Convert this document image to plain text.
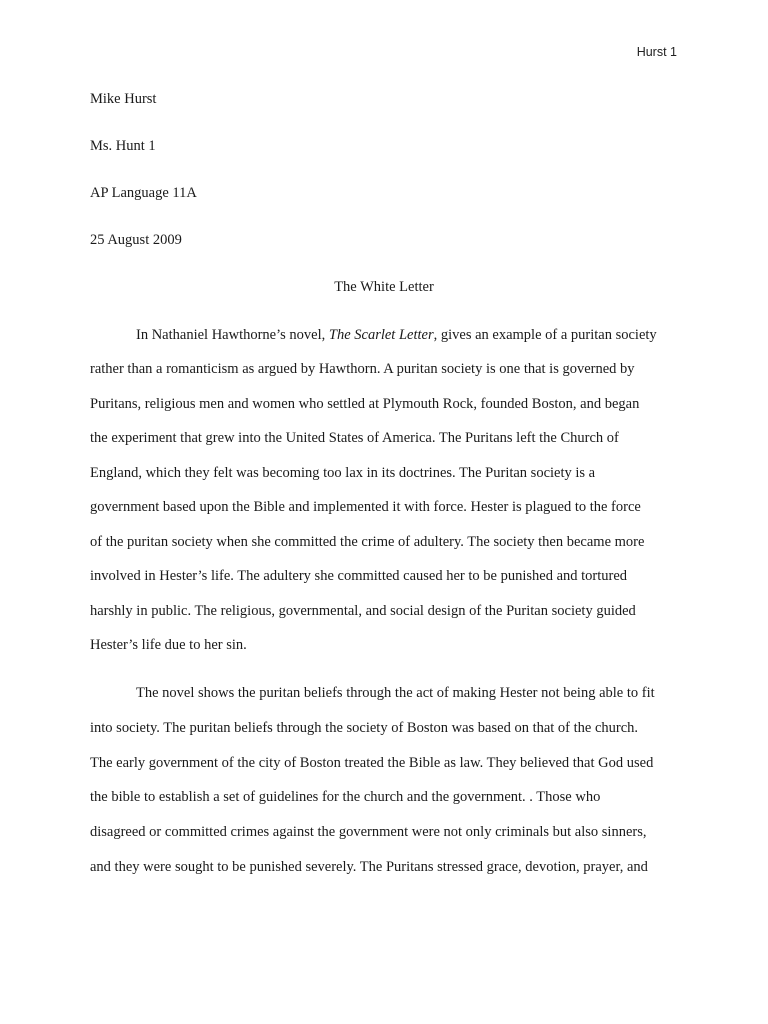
Hurst 1
Mike Hurst
Ms. Hunt 1
AP Language 11A
25 August 2009
The White Letter
In Nathaniel Hawthorne’s novel, The Scarlet Letter, gives an example of a puritan society
rather than a romanticism as argued by Hawthorn. A puritan society is one that is governed by
Puritans, religious men and women who settled at Plymouth Rock, founded Boston, and began
the experiment that grew into the United States of America. The Puritans left the Church of
England, which they felt was becoming too lax in its doctrines. The Puritan society is a
government based upon the Bible and implemented it with force. Hester is plagued to the force
of the puritan society when she committed the crime of adultery. The society then became more
involved in Hester’s life. The adultery she committed caused her to be punished and tortured
harshly in public. The religious, governmental, and social design of the Puritan society guided
Hester’s life due to her sin.
The novel shows the puritan beliefs through the act of making Hester not being able to fit
into society. The puritan beliefs through the society of Boston was based on that of the church.
The early government of the city of Boston treated the Bible as law. They believed that God used
the bible to establish a set of guidelines for the church and the government. . Those who
disagreed or committed crimes against the government were not only criminals but also sinners,
and they were sought to be punished severely. The Puritans stressed grace, devotion, prayer, and
